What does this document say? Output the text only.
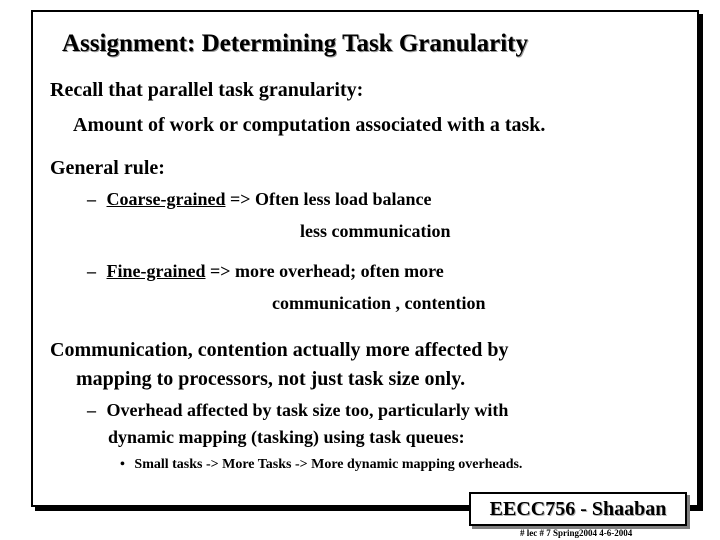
Assignment: Determining Task Granularity
Recall that parallel task granularity:
Amount of work or computation associated with a task.
General rule:
– Coarse-grained => Often less load balance
less communication
– Fine-grained => more overhead; often more
communication , contention
Communication, contention actually more affected by
mapping to processors, not just task size only.
– Overhead affected by task size too, particularly with
dynamic mapping (tasking) using task queues:
• Small tasks -> More Tasks -> More dynamic mapping overheads.
EECC756 - Shaaban
# lec # 7 Spring2004 4-6-2004
